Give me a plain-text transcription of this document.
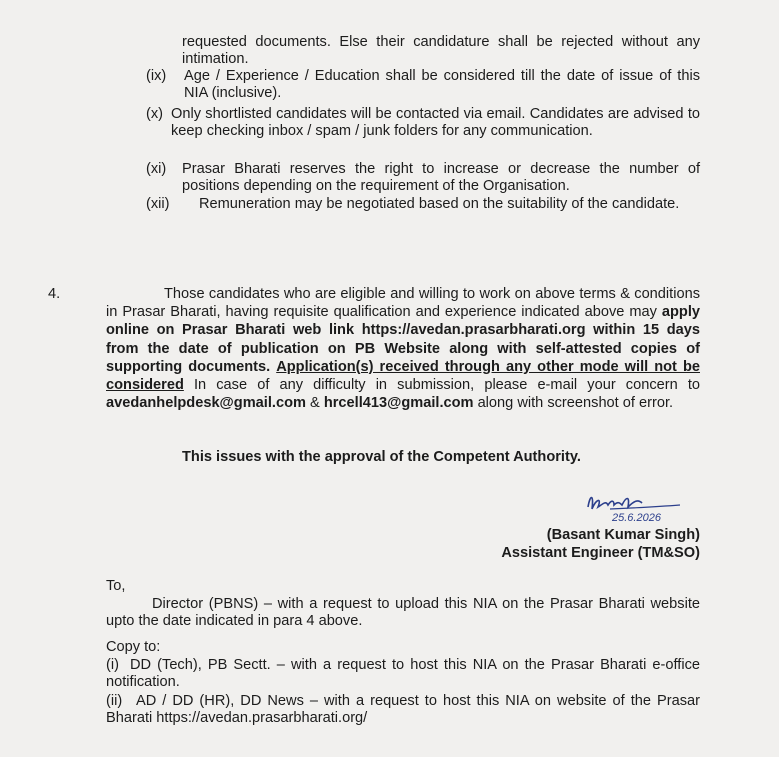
requested documents. Else their candidature shall be rejected without any intimation.
(ix)	Age / Experience / Education shall be considered till the date of issue of this NIA (inclusive).
(x) Only shortlisted candidates will be contacted via email. Candidates are advised to keep checking inbox / spam / junk folders for any communication.
(xi)	Prasar Bharati reserves the right to increase or decrease the number of positions depending on the requirement of the Organisation.
(xii)	Remuneration may be negotiated based on the suitability of the candidate.
4.	Those candidates who are eligible and willing to work on above terms & conditions in Prasar Bharati, having requisite qualification and experience indicated above may apply online on Prasar Bharati web link https://avedan.prasarbharati.org within 15 days from the date of publication on PB Website along with self-attested copies of supporting documents. Application(s) received through any other mode will not be considered In case of any difficulty in submission, please e-mail your concern to avedanhelpdesk@gmail.com & hrcell413@gmail.com along with screenshot of error.
This issues with the approval of the Competent Authority.
25.6.2026
(Basant Kumar Singh)
Assistant Engineer (TM&SO)
To,
Director (PBNS) – with a request to upload this NIA on the Prasar Bharati website upto the date indicated in para 4 above.
Copy to:
(i) DD (Tech), PB Sectt. – with a request to host this NIA on the Prasar Bharati e-office notification.
(ii) AD / DD (HR), DD News – with a request to host this NIA on website of the Prasar Bharati https://avedan.prasarbharati.org/
